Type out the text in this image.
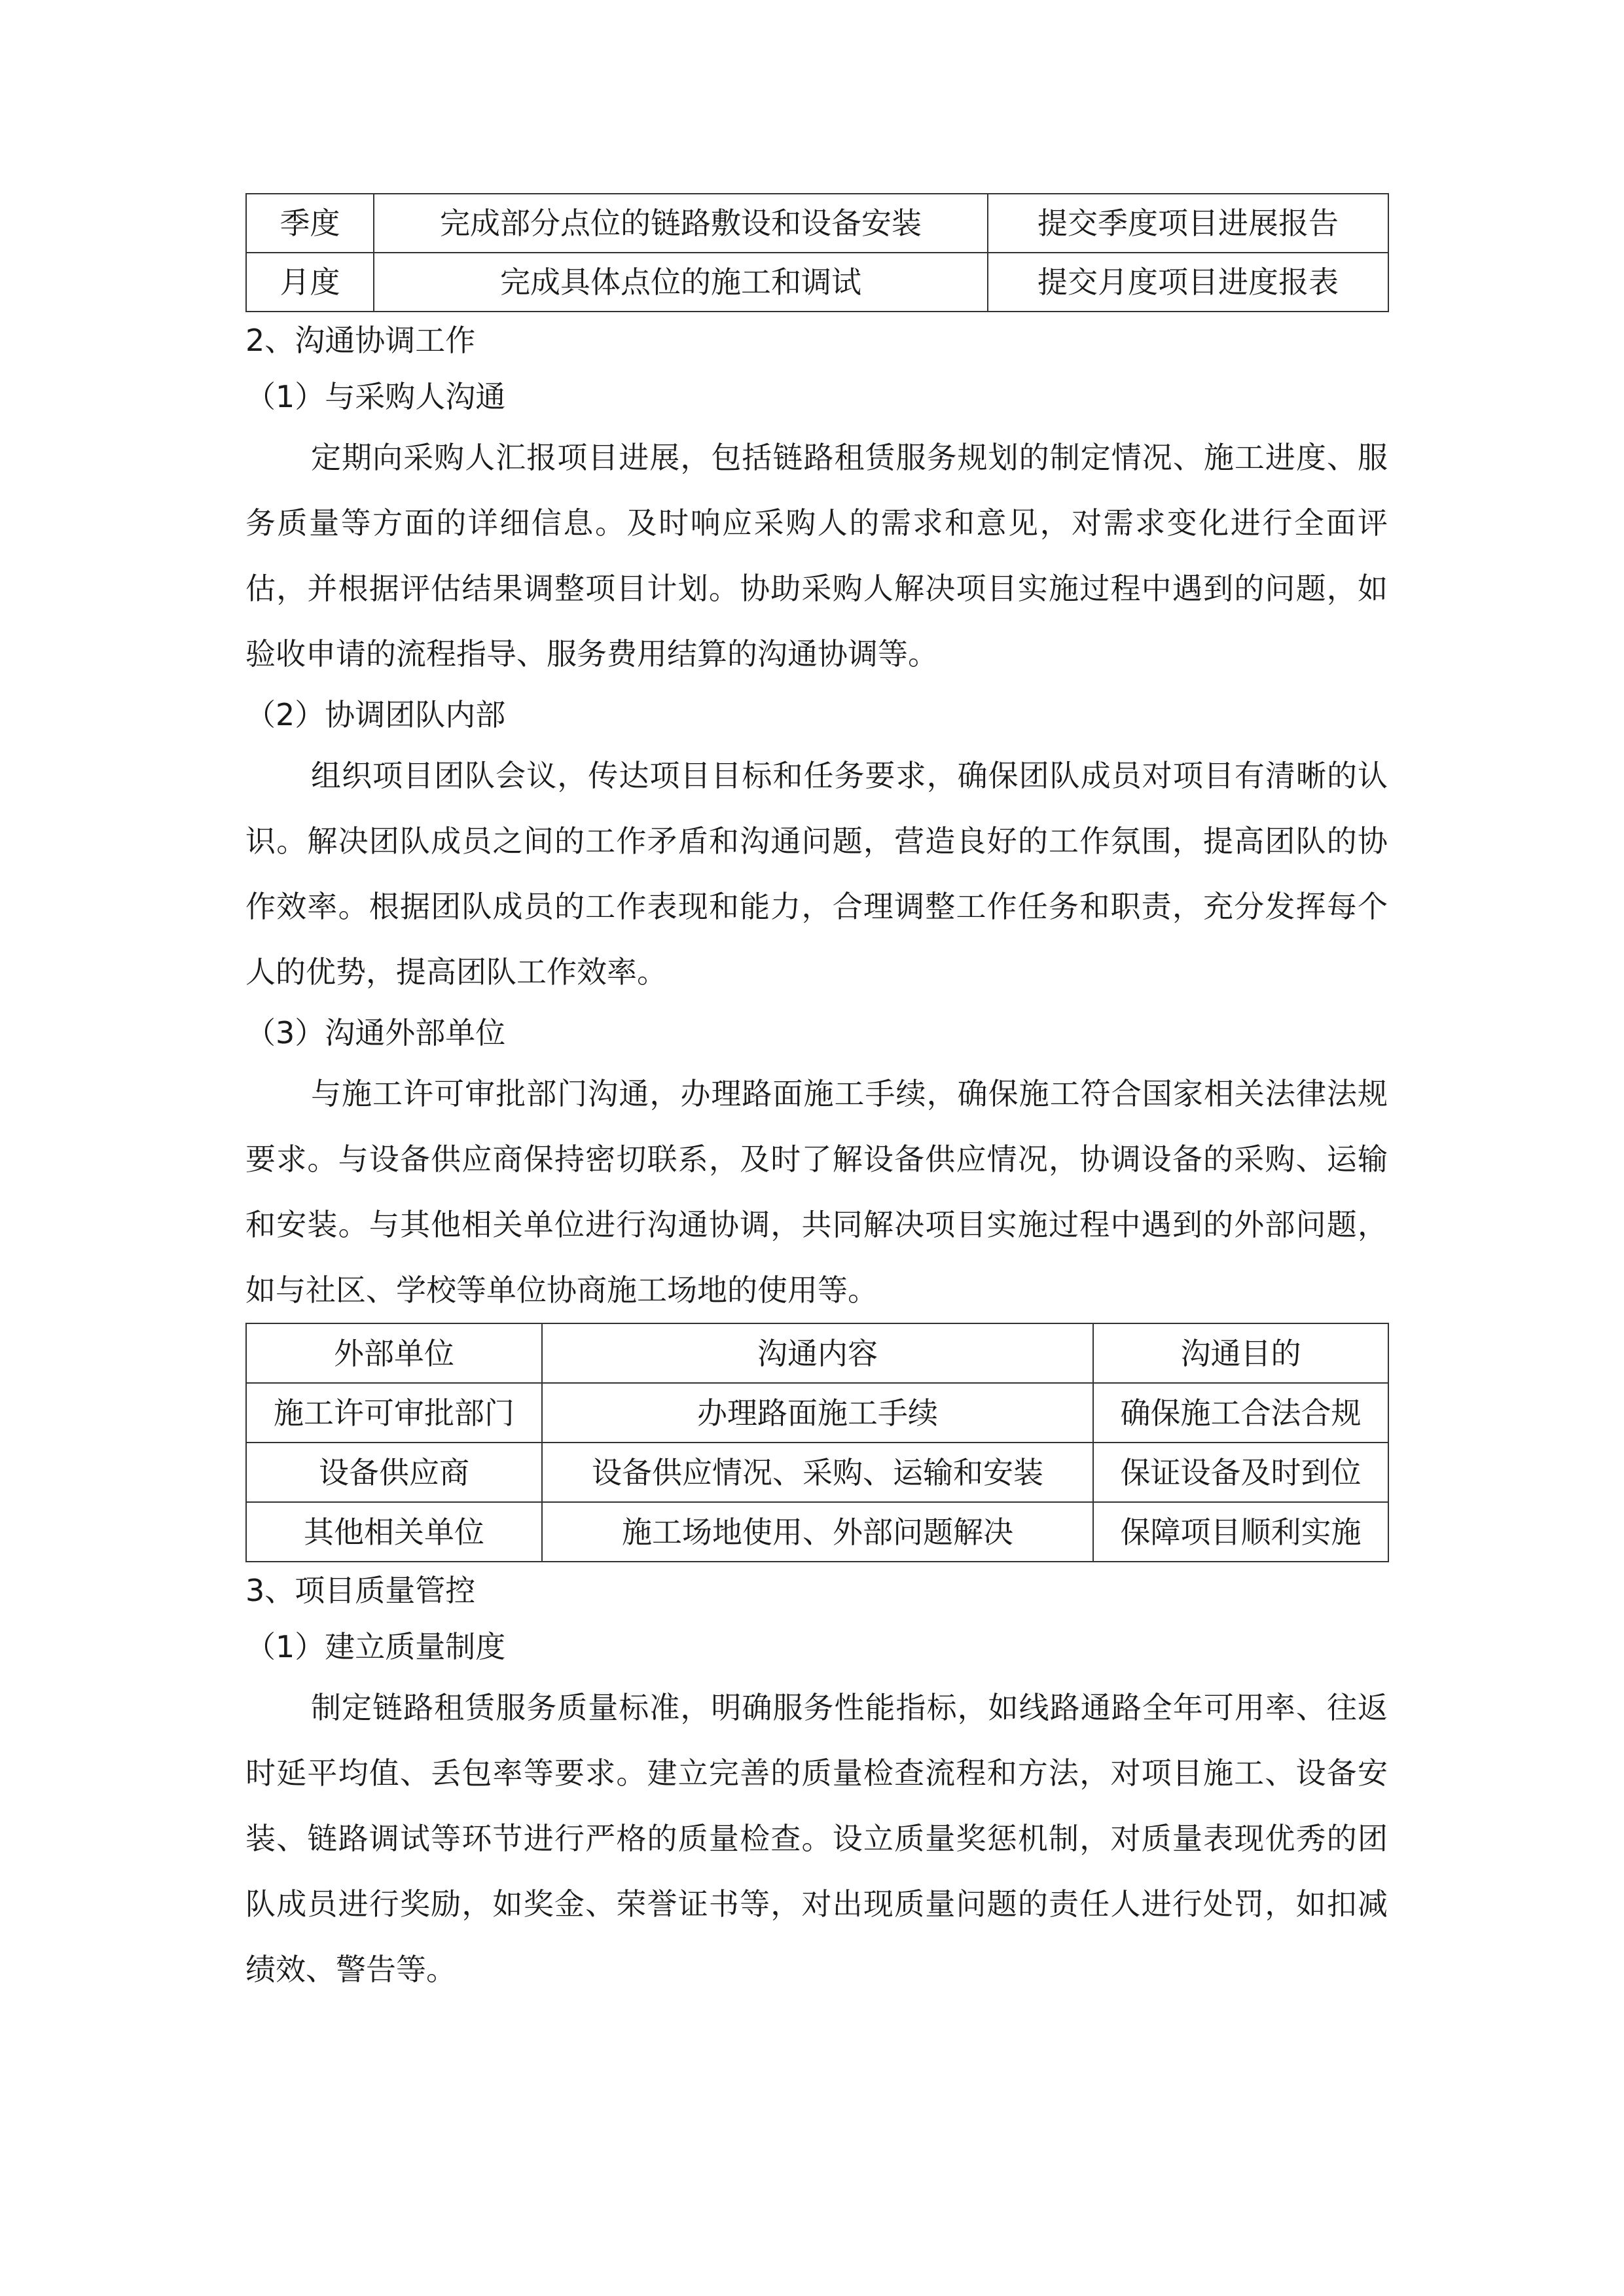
季度	完成部分点位的链路敷设和设备安装	提交季度项目进展报告
月度	完成具体点位的施工和调试	提交月度项目进度报表
2、沟通协调工作
（1）与采购人沟通

定期向采购人汇报项目进展，包括链路租赁服务规划的制定情况、施工进度、服务质量等方面的详细信息。及时响应采购人的需求和意见，对需求变化进行全面评估，并根据评估结果调整项目计划。协助采购人解决项目实施过程中遇到的问题，如验收申请的流程指导、服务费用结算的沟通协调等。

（2）协调团队内部

组织项目团队会议，传达项目目标和任务要求，确保团队成员对项目有清晰的认识。解决团队成员之间的工作矛盾和沟通问题，营造良好的工作氛围，提高团队的协作效率。根据团队成员的工作表现和能力，合理调整工作任务和职责，充分发挥每个人的优势，提高团队工作效率。

（3）沟通外部单位

与施工许可审批部门沟通，办理路面施工手续，确保施工符合国家相关法律法规要求。与设备供应商保持密切联系，及时了解设备供应情况，协调设备的采购、运输和安装。与其他相关单位进行沟通协调，共同解决项目实施过程中遇到的外部问题，如与社区、学校等单位协商施工场地的使用等。

外部单位	沟通内容	沟通目的
施工许可审批部门	办理路面施工手续	确保施工合法合规
设备供应商	设备供应情况、采购、运输和安装	保证设备及时到位
其他相关单位	施工场地使用、外部问题解决	保障项目顺利实施
3、项目质量管控
（1）建立质量制度

制定链路租赁服务质量标准，明确服务性能指标，如线路通路全年可用率、往返时延平均值、丢包率等要求。建立完善的质量检查流程和方法，对项目施工、设备安装、链路调试等环节进行严格的质量检查。设立质量奖惩机制，对质量表现优秀的团队成员进行奖励，如奖金、荣誉证书等，对出现质量问题的责任人进行处罚，如扣减绩效、警告等。
